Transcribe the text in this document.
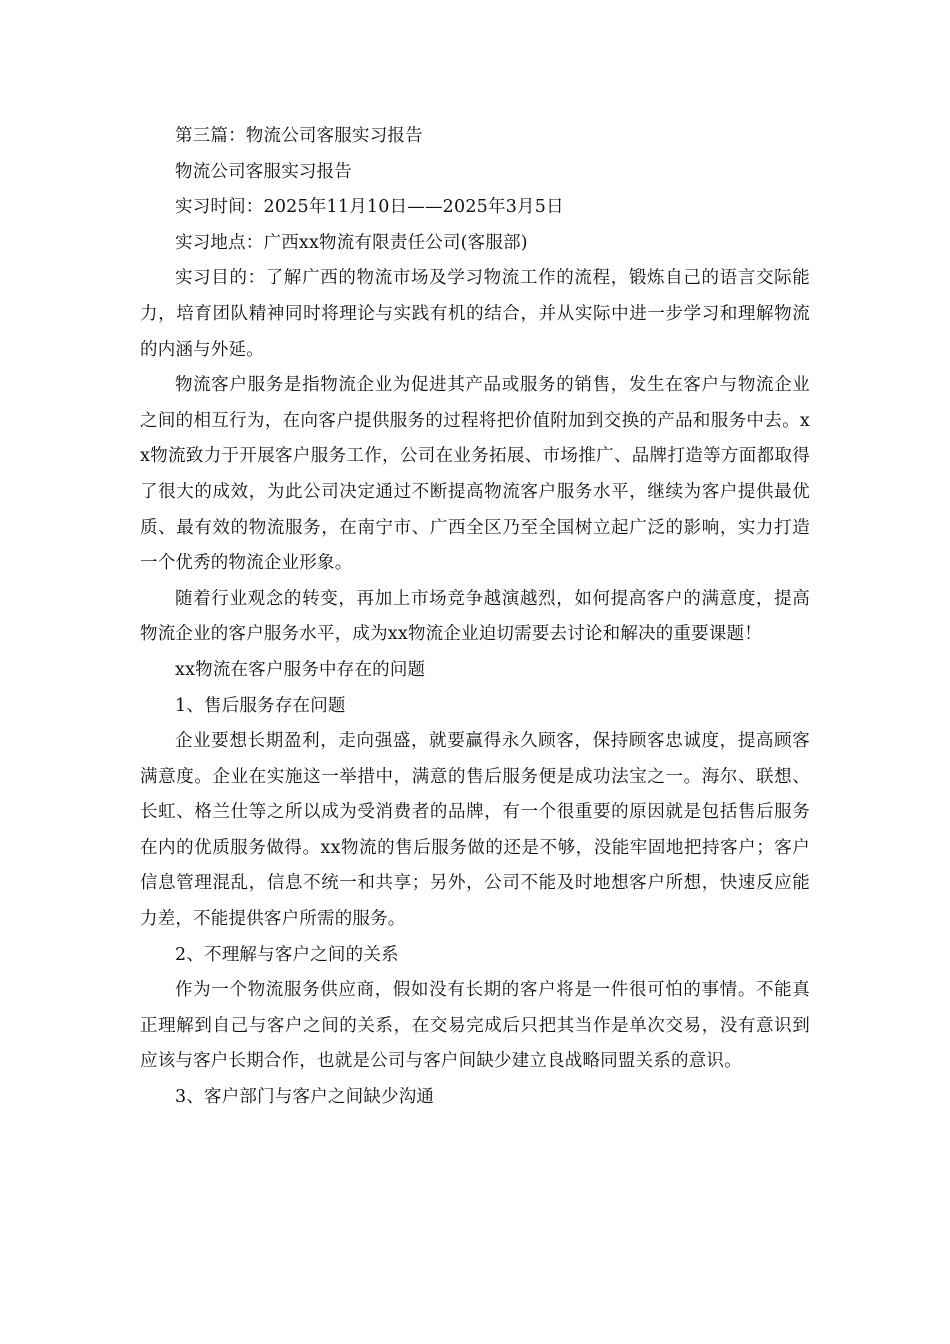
第三篇：物流公司客服实习报告

物流公司客服实习报告

实习时间：2025年11月10日——2025年3月5日

实习地点：广西xx物流有限责任公司(客服部)

实习目的：了解广西的物流市场及学习物流工作的流程，锻炼自己的语言交际能力，培育团队精神同时将理论与实践有机的结合，并从实际中进一步学习和理解物流的内涵与外延。

物流客户服务是指物流企业为促进其产品或服务的销售，发生在客户与物流企业之间的相互行为，在向客户提供服务的过程将把价值附加到交换的产品和服务中去。xx物流致力于开展客户服务工作，公司在业务拓展、市场推广、品牌打造等方面都取得了很大的成效，为此公司决定通过不断提高物流客户服务水平，继续为客户提供最优质、最有效的物流服务，在南宁市、广西全区乃至全国树立起广泛的影响，实力打造一个优秀的物流企业形象。

随着行业观念的转变，再加上市场竞争越演越烈，如何提高客户的满意度，提高物流企业的客户服务水平，成为xx物流企业迫切需要去讨论和解决的重要课题！

xx物流在客户服务中存在的问题

1、售后服务存在问题

企业要想长期盈利，走向强盛，就要赢得永久顾客，保持顾客忠诚度，提高顾客满意度。企业在实施这一举措中，满意的售后服务便是成功法宝之一。海尔、联想、长虹、格兰仕等之所以成为受消费者的品牌，有一个很重要的原因就是包括售后服务在内的优质服务做得。xx物流的售后服务做的还是不够，没能牢固地把持客户；客户信息管理混乱，信息不统一和共享；另外，公司不能及时地想客户所想，快速反应能力差，不能提供客户所需的服务。

2、不理解与客户之间的关系

作为一个物流服务供应商，假如没有长期的客户将是一件很可怕的事情。不能真正理解到自己与客户之间的关系，在交易完成后只把其当作是单次交易，没有意识到应该与客户长期合作，也就是公司与客户间缺少建立良战略同盟关系的意识。

3、客户部门与客户之间缺少沟通
